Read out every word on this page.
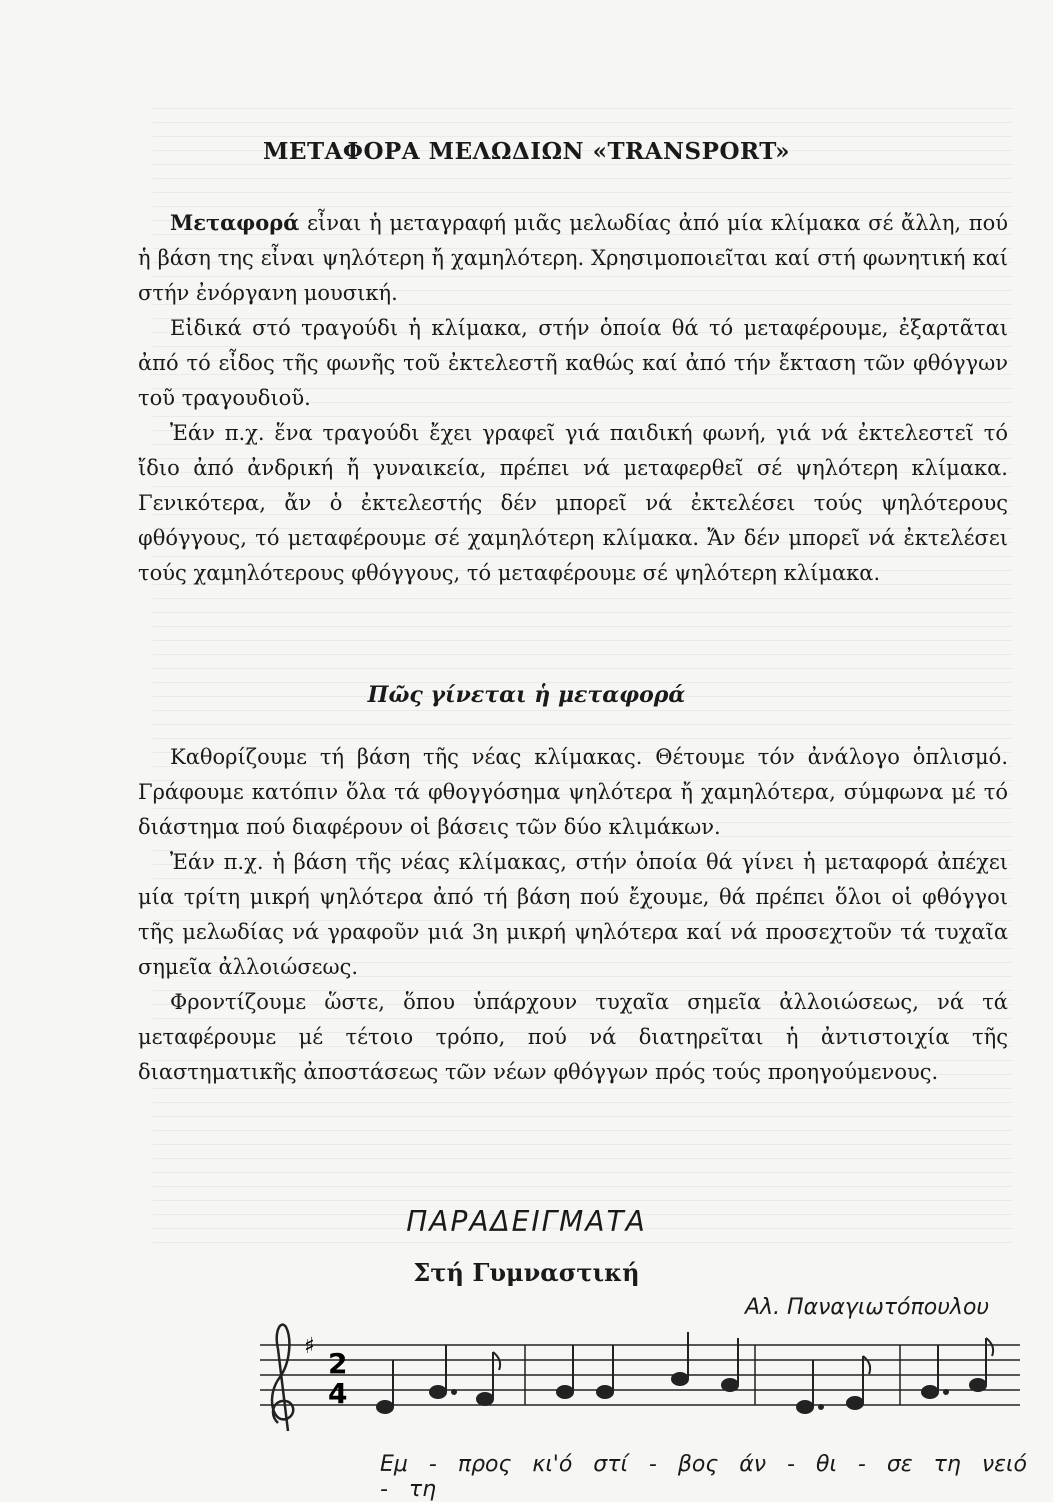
ΜΕΤΑΦΟΡΑ ΜΕΛΩΔΙΩΝ «TRANSPORT»

Μεταφορά εἶναι ἡ μεταγραφή μιᾶς μελωδίας ἀπό μία κλίμακα σέ ἄλλη, πού ἡ βάση της εἶναι ψηλότερη ἤ χαμηλότερη. Χρησιμοποιεῖται καί στή φωνητική καί στήν ἐνόργανη μουσική.

Εἰδικά στό τραγούδι ἡ κλίμακα, στήν ὁποία θά τό μεταφέρουμε, ἐξαρτᾶται ἀπό τό εἶδος τῆς φωνῆς τοῦ ἐκτελεστῆ καθώς καί ἀπό τήν ἔκταση τῶν φθόγγων τοῦ τραγουδιοῦ.

Ἐάν π.χ. ἕνα τραγούδι ἔχει γραφεῖ γιά παιδική φωνή, γιά νά ἐκτελεστεῖ τό ἴδιο ἀπό ἀνδρική ἤ γυναικεία, πρέπει νά μεταφερθεῖ σέ ψηλότερη κλίμακα. Γενικότερα, ἄν ὁ ἐκτελεστής δέν μπορεῖ νά ἐκτελέσει τούς ψηλότερους φθόγγους, τό μεταφέρουμε σέ χαμηλότερη κλίμακα. Ἄν δέν μπορεῖ νά ἐκτελέσει τούς χαμηλότερους φθόγγους, τό μεταφέρουμε σέ ψηλότερη κλίμακα.

Πῶς γίνεται ἡ μεταφορά

Καθορίζουμε τή βάση τῆς νέας κλίμακας. Θέτουμε τόν ἀνάλογο ὁπλισμό. Γράφουμε κατόπιν ὅλα τά φθογγόσημα ψηλότερα ἤ χαμηλότερα, σύμφωνα μέ τό διάστημα πού διαφέρουν οἱ βάσεις τῶν δύο κλιμάκων.

Ἐάν π.χ. ἡ βάση τῆς νέας κλίμακας, στήν ὁποία θά γίνει ἡ μεταφορά ἀπέχει μία τρίτη μικρή ψηλότερα ἀπό τή βάση πού ἔχουμε, θά πρέπει ὅλοι οἱ φθόγγοι τῆς μελωδίας νά γραφοῦν μιά 3η μικρή ψηλότερα καί νά προσεχτοῦν τά τυχαῖα σημεῖα ἀλλοιώσεως.

Φροντίζουμε ὥστε, ὅπου ὑπάρχουν τυχαῖα σημεῖα ἀλλοιώσεως, νά τά μεταφέρουμε μέ τέτοιο τρόπο, πού νά διατηρεῖται ἡ ἀντιστοιχία τῆς διαστηματικῆς ἀποστάσεως τῶν νέων φθόγγων πρός τούς προηγούμενους.

ΠΑΡΑΔΕΙΓΜΑΤΑ
Στή Γυμναστική
Αλ. Παναγιωτόπουλου
♯
2
4
Εμ - προς κι'ό στί - βος άν - θι - σε τη νειό - τη
